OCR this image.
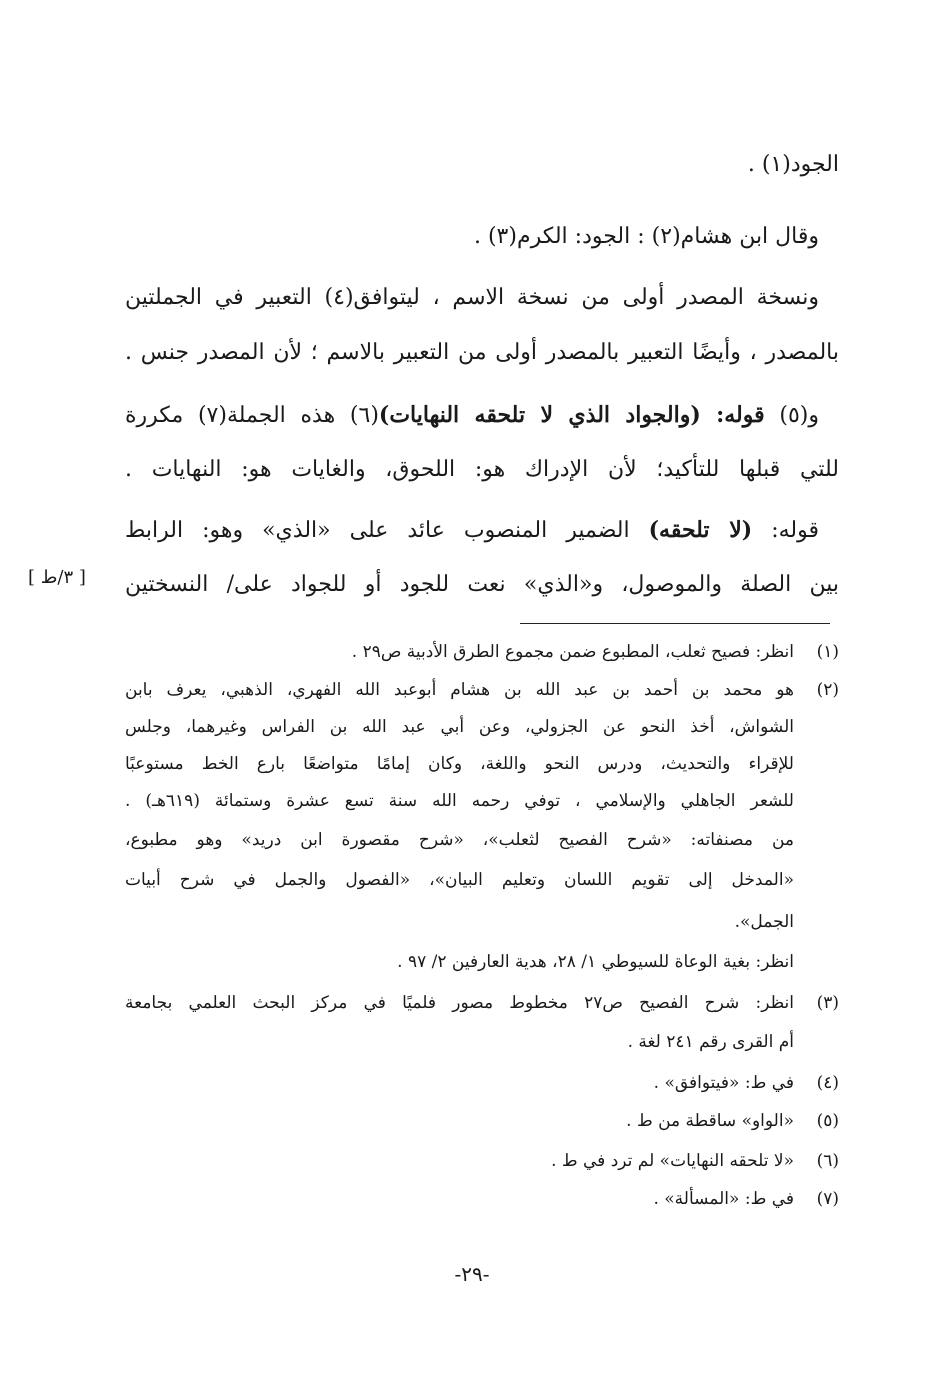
الجود(١) .
وقال ابن هشام(٢) : الجود: الكرم(٣) .
ونسخة المصدر أولى من نسخة الاسم ، ليتوافق(٤) التعبير في الجملتين
بالمصدر ، وأيضًا التعبير بالمصدر أولى من التعبير بالاسم ؛ لأن المصدر جنس .
و(٥) قوله: (والجواد الذي لا تلحقه النهايات)(٦) هذه الجملة(٧) مكررة
للتي قبلها للتأكيد؛ لأن الإدراك هو: اللحوق، والغايات هو: النهايات .
قوله: (لا تلحقه) الضمير المنصوب عائد على «الذي» وهو: الرابط
بين الصلة والموصول، و«الذي» نعت للجود أو للجواد على/ النسختين
[ ٣/ط ]
(١)
انظر: فصيح ثعلب، المطبوع ضمن مجموع الطرق الأدبية ص٢٩ .
(٢)
هو محمد بن أحمد بن عبد الله بن هشام أبوعبد الله الفهري، الذهبي، يعرف بابن
الشواش، أخذ النحو عن الجزولي، وعن أبي عبد الله بن الفراس وغيرهما، وجلس
للإقراء والتحديث، ودرس النحو واللغة، وكان إمامًا متواضعًا بارع الخط مستوعبًا
للشعر الجاهلي والإسلامي ، توفي رحمه الله سنة تسع عشرة وستمائة (٦١٩هـ) .
من مصنفاته: «شرح الفصيح لثعلب»، «شرح مقصورة ابن دريد» وهو مطبوع،
«المدخل إلى تقويم اللسان وتعليم البيان»، «الفصول والجمل في شرح أبيات
الجمل».
انظر: بغية الوعاة للسيوطي ١/ ٢٨، هدية العارفين ٢/ ٩٧ .
(٣)
انظر: شرح الفصيح ص٢٧ مخطوط مصور فلميًا في مركز البحث العلمي بجامعة
أم القرى رقم ٢٤١ لغة .
(٤)
في ط: «فيتوافق» .
(٥)
«الواو» ساقطة من ط .
(٦)
«لا تلحقه النهايات» لم ترد في ط .
(٧)
في ط: «المسألة» .
-٢٩-
